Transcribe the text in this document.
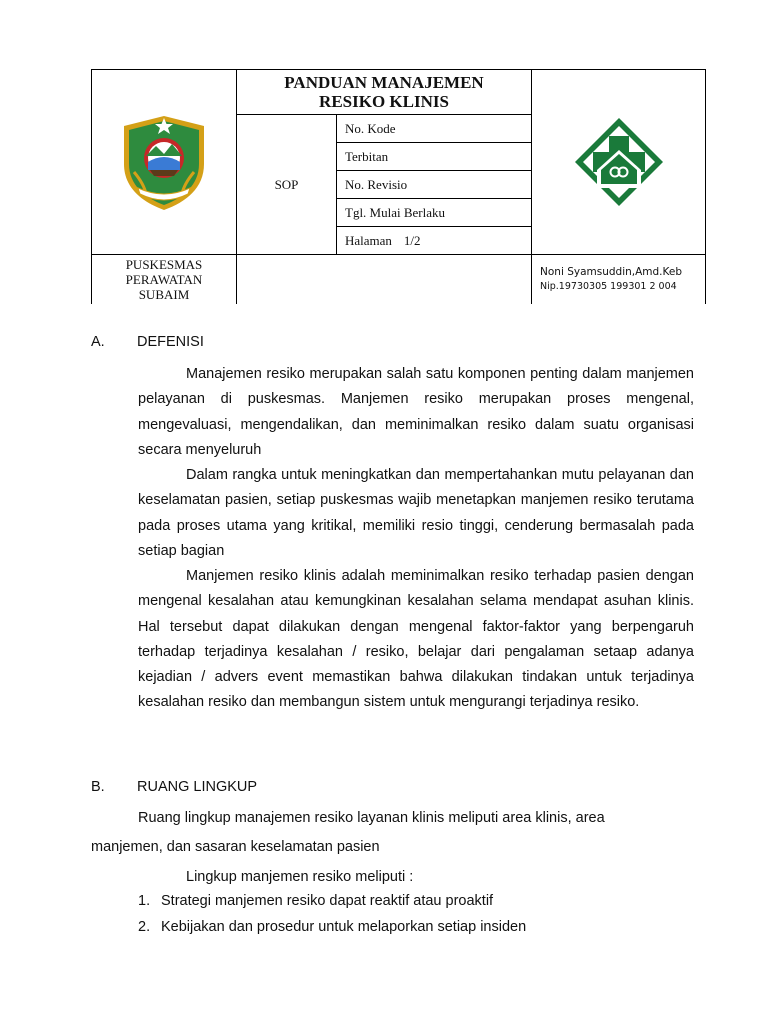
	PANDUAN MANAJEMEN
RESIKO KLINIS	

	SOP	No. Kode	
		Terbitan	
		No. Revisio	
		Tgl. Mulai Berlaku	
		Halaman 1/2	
PUSKESMAS
PERAWATAN
SUBAIM			Noni Syamsuddin,Amd.Keb
Nip.19730305 199301 2 004
A. DEFENISI

Manajemen resiko merupakan salah satu komponen penting dalam manjemen pelayanan di puskesmas. Manjemen resiko merupakan proses mengenal, mengevaluasi, mengendalikan, dan meminimalkan resiko dalam suatu organisasi secara menyeluruh

Dalam rangka untuk meningkatkan dan mempertahankan mutu pelayanan dan keselamatan pasien, setiap puskesmas wajib menetapkan manjemen resiko terutama pada proses utama yang kritikal, memiliki resio tinggi, cenderung bermasalah pada setiap bagian

Manjemen resiko klinis adalah meminimalkan resiko terhadap pasien dengan mengenal kesalahan atau kemungkinan kesalahan selama mendapat asuhan klinis. Hal tersebut dapat dilakukan dengan mengenal faktor-faktor yang berpengaruh terhadap terjadinya kesalahan / resiko, belajar dari pengalaman setaap adanya kejadian / advers event memastikan bahwa dilakukan tindakan untuk terjadinya kesalahan resiko dan membangun sistem untuk mengurangi terjadinya resiko.

B. RUANG LINGKUP

Ruang lingkup manajemen resiko layanan klinis meliputi area klinis, area

manjemen, dan sasaran keselamatan pasien

Lingkup manjemen resiko meliputi :

1. Strategi manjemen resiko dapat reaktif atau proaktif

2. Kebijakan dan prosedur untuk melaporkan setiap insiden
